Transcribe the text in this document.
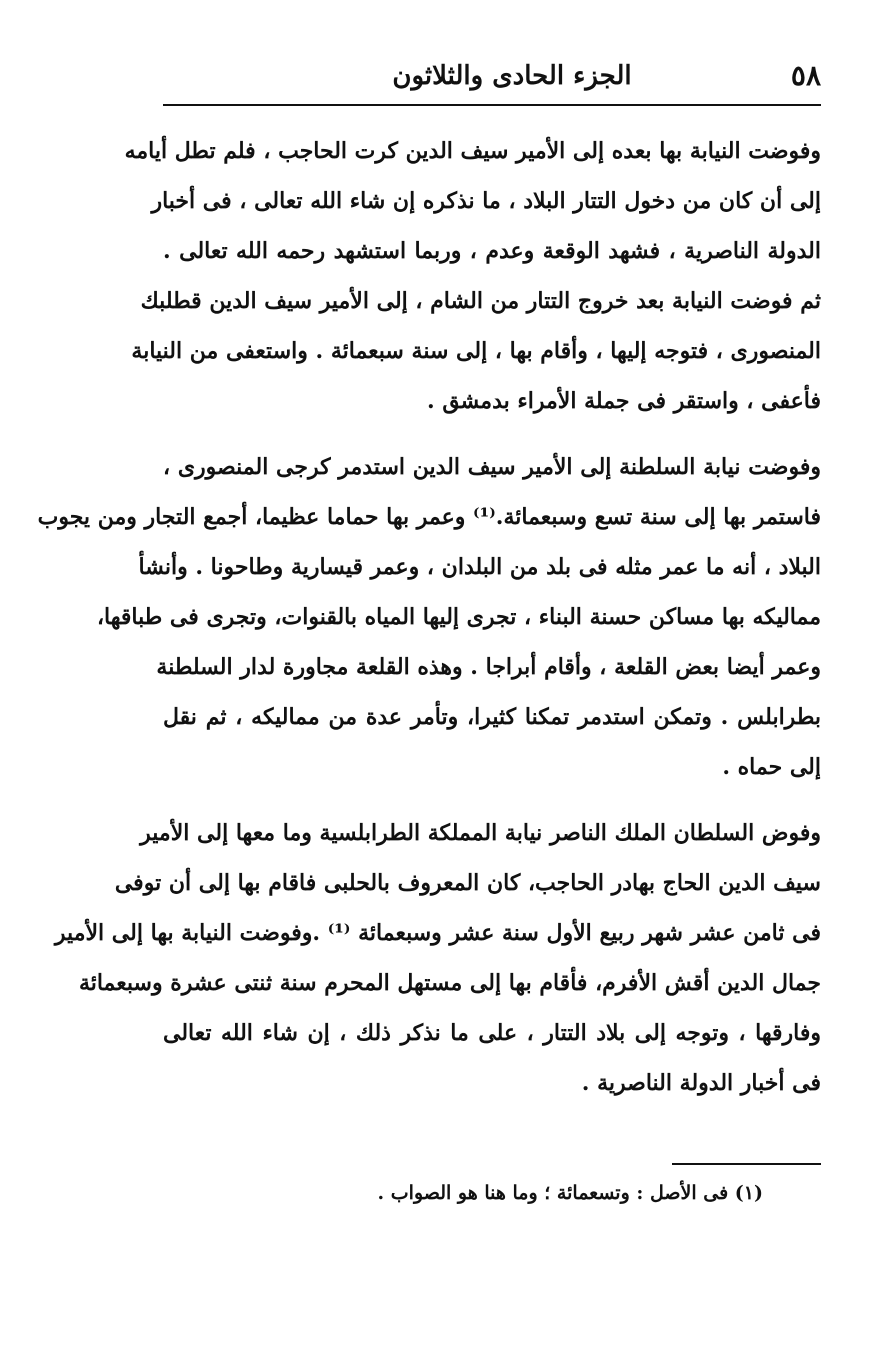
٥٨
الجزء الحادى والثلاثون
وفوضت النيابة بها بعده إلى الأمير سيف الدين كرت الحاجب ، فلم تطل أيامه
إلى أن كان من دخول التتار البلاد ، ما نذكره إن شاء الله تعالى ، فى أخبار
الدولة الناصرية ، فشهد الوقعة وعدم ، وربما استشهد رحمه الله تعالى .
ثم فوضت النيابة بعد خروج التتار من الشام ، إلى الأمير سيف الدين قطلبك
المنصورى ، فتوجه إليها ، وأقام بها ، إلى سنة سبعمائة . واستعفى من النيابة
فأعفى ، واستقر فى جملة الأمراء بدمشق .
وفوضت نيابة السلطنة إلى الأمير سيف الدين استدمر كرجى المنصورى ،
فاستمر بها إلى سنة تسع وسبعمائة.⁽¹⁾ وعمر بها حماما عظيما، أجمع التجار ومن يجوب
البلاد ، أنه ما عمر مثله فى بلد من البلدان ، وعمر قيسارية وطاحونا . وأنشأ
مماليكه بها مساكن حسنة البناء ، تجرى إليها المياه بالقنوات، وتجرى فى طباقها،
وعمر أيضا بعض القلعة ، وأقام أبراجا . وهذه القلعة مجاورة لدار السلطنة
بطرابلس . وتمكن استدمر تمكنا كثيرا، وتأمر عدة من مماليكه ، ثم نقل
إلى حماه .
وفوض السلطان الملك الناصر نيابة المملكة الطرابلسية وما معها إلى الأمير
سيف الدين الحاج بهادر الحاجب، كان المعروف بالحلبى فاقام بها إلى أن توفى
فى ثامن عشر شهر ربيع الأول سنة عشر وسبعمائة ⁽¹⁾ .وفوضت النيابة بها إلى الأمير
جمال الدين أقش الأفرم، فأقام بها إلى مستهل المحرم سنة ثنتى عشرة وسبعمائة
وفارقها ، وتوجه إلى بلاد التتار ، على ما نذكر ذلك ، إن شاء الله تعالى
فى أخبار الدولة الناصرية .
(١) فى الأصل : وتسعمائة ؛ وما هنا هو الصواب .
